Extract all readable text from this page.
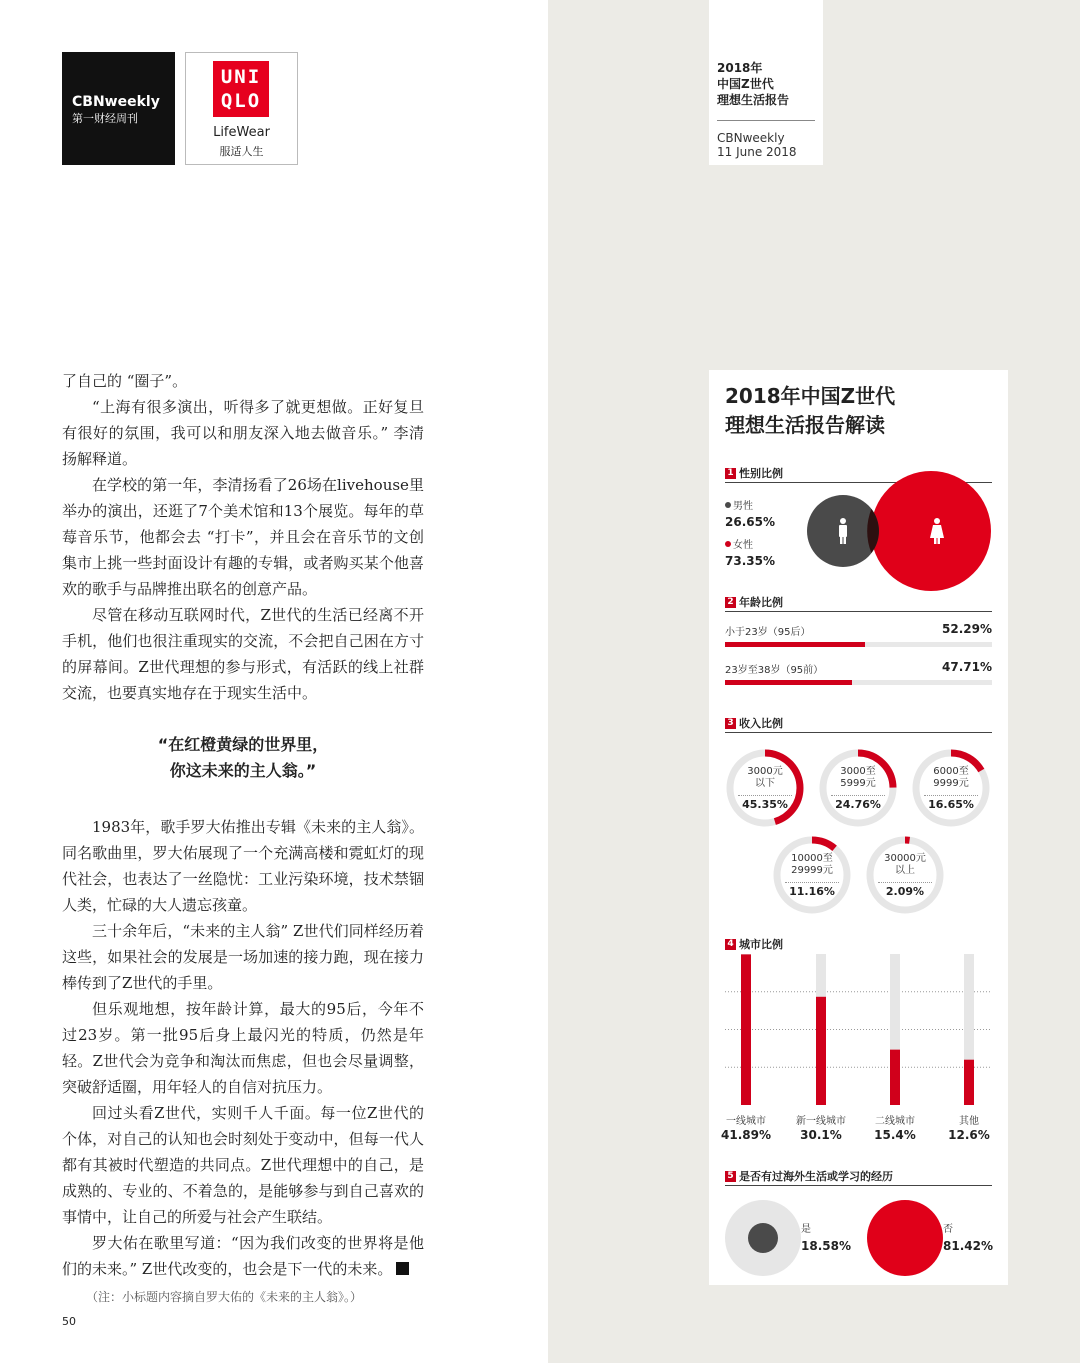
CBNweekly
第一财经周刊
UNI
QLO
LifeWear
服适人生
2018年
中国Z世代
理想生活报告
CBNweekly
11 June 2018

了自己的 “圈子”。

“上海有很多演出，听得多了就更想做。正好复旦有很好的氛围，我可以和朋友深入地去做音乐。” 李清扬解释道。

在学校的第一年，李清扬看了26场在livehouse里举办的演出，还逛了7个美术馆和13个展览。每年的草莓音乐节，他都会去 “打卡”，并且会在音乐节的文创集市上挑一些封面设计有趣的专辑，或者购买某个他喜欢的歌手与品牌推出联名的创意产品。

尽管在移动互联网时代，Z世代的生活已经离不开手机，他们也很注重现实的交流，不会把自己困在方寸的屏幕间。Z世代理想的参与形式，有活跃的线上社群交流，也要真实地存在于现实生活中。

“在红橙黄绿的世界里，
你这未来的主人翁。”

1983年，歌手罗大佑推出专辑《未来的主人翁》。同名歌曲里，罗大佑展现了一个充满高楼和霓虹灯的现代社会，也表达了一丝隐忧：工业污染环境，技术禁锢人类，忙碌的大人遗忘孩童。

三十余年后，“未来的主人翁” Z世代们同样经历着这些，如果社会的发展是一场加速的接力跑，现在接力棒传到了Z世代的手里。

但乐观地想，按年龄计算，最大的95后，今年不过23岁。第一批95后身上最闪光的特质，仍然是年轻。Z世代会为竞争和淘汰而焦虑，但也会尽量调整，突破舒适圈，用年轻人的自信对抗压力。

回过头看Z世代，实则千人千面。每一位Z世代的个体，对自己的认知也会时刻处于变动中，但每一代人都有其被时代塑造的共同点。Z世代理想中的自己，是成熟的、专业的、不着急的，是能够参与到自己喜欢的事情中，让自己的所爱与社会产生联结。

罗大佑在歌里写道：“因为我们改变的世界将是他们的未来。” Z世代改变的，也会是下一代的未来。

（注：小标题内容摘自罗大佑的《未来的主人翁》。）

50
2018年中国Z世代
理想生活报告解读
1 性别比例
男性
26.65%
女性
73.35%
2 年龄比例
小于23岁（95后）	52.29%
23岁至38岁（95前）	47.71%
3 收入比例
3000元
以下
45.35%
3000至
5999元
24.76%
6000至
9999元
16.65%
10000至
29999元
11.16%
30000元
以上
2.09%
4 城市比例
一线城市
41.89%
新一线城市
30.1%
二线城市
15.4%
其他
12.6%
5 是否有过海外生活或学习的经历
是
18.58%
否
81.42%
